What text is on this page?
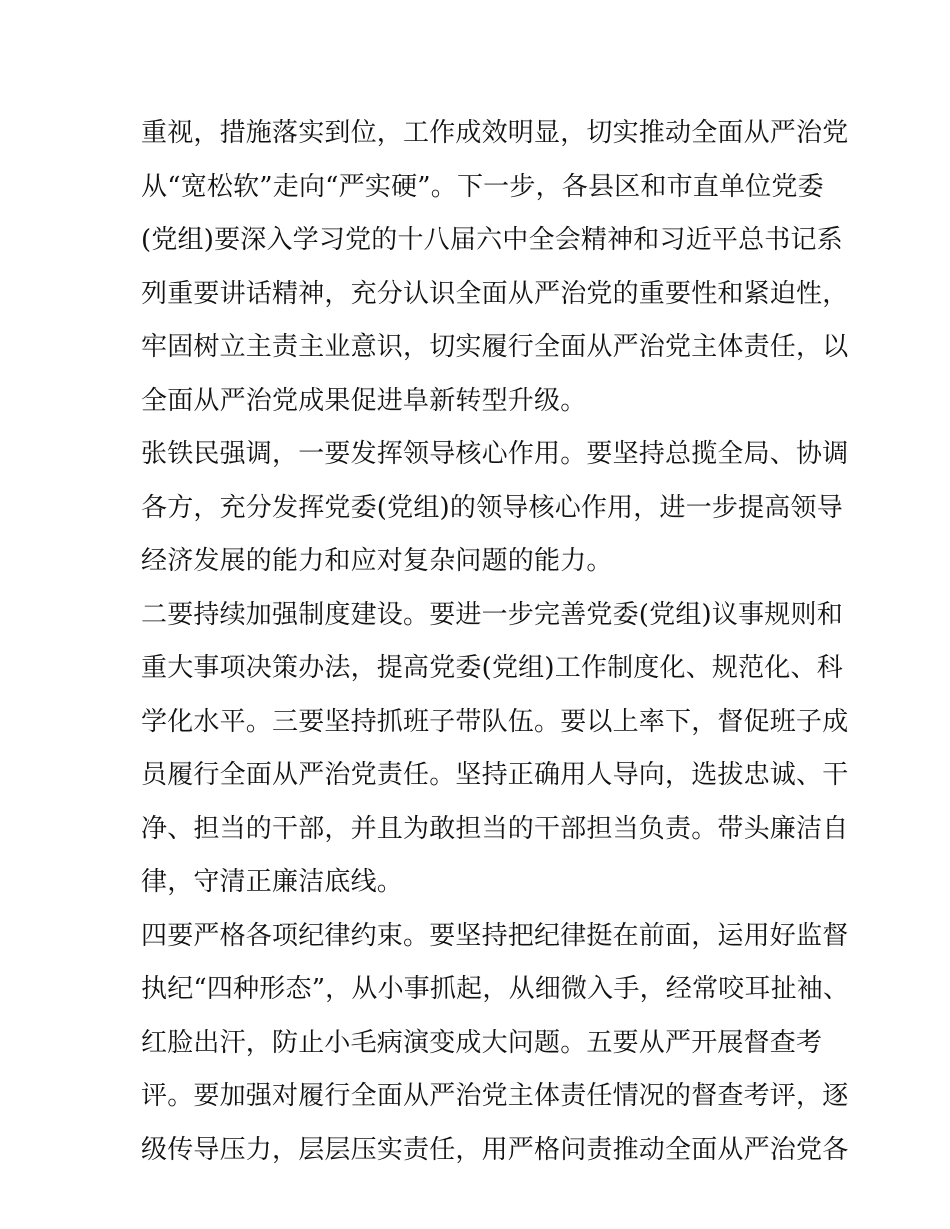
重视，措施落实到位，工作成效明显，切实推动全面从严治党
从“宽松软”走向“严实硬”。下一步，各县区和市直单位党委
(党组)要深入学习党的十八届六中全会精神和习近平总书记系
列重要讲话精神，充分认识全面从严治党的重要性和紧迫性，
牢固树立主责主业意识，切实履行全面从严治党主体责任，以
全面从严治党成果促进阜新转型升级。
张铁民强调，一要发挥领导核心作用。要坚持总揽全局、协调
各方，充分发挥党委(党组)的领导核心作用，进一步提高领导
经济发展的能力和应对复杂问题的能力。
二要持续加强制度建设。要进一步完善党委(党组)议事规则和
重大事项决策办法，提高党委(党组)工作制度化、规范化、科
学化水平。三要坚持抓班子带队伍。要以上率下，督促班子成
员履行全面从严治党责任。坚持正确用人导向，选拔忠诚、干
净、担当的干部，并且为敢担当的干部担当负责。带头廉洁自
律，守清正廉洁底线。
四要严格各项纪律约束。要坚持把纪律挺在前面，运用好监督
执纪“四种形态”，从小事抓起，从细微入手，经常咬耳扯袖、
红脸出汗，防止小毛病演变成大问题。五要从严开展督查考
评。要加强对履行全面从严治党主体责任情况的督查考评，逐
级传导压力，层层压实责任，用严格问责推动全面从严治党各
